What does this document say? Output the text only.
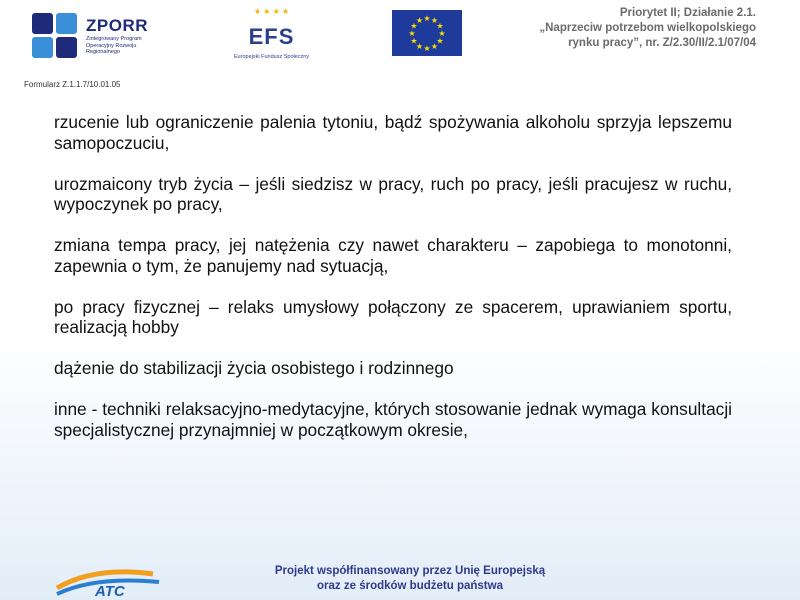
ZPORR
Zintegrowany Program Operacyjny Rozwoju Regionalnego
★ ★ ★ ★
EFS
Europejski Fundusz Społeczny
★
★
★
★
★
★
★
★
★ ★ ★
★
Priorytet II; Działanie 2.1.
„Naprzeciw potrzebom wielkopolskiego
rynku pracy”, nr. Z/2.30/II/2.1/07/04
Formularz Z.1.1.7/10.01.05

rzucenie lub ograniczenie palenia tytoniu, bądź spożywania alkoholu sprzyja lepszemu samopoczuciu,

urozmaicony tryb życia – jeśli siedzisz w pracy, ruch po pracy, jeśli pracujesz w ruchu, wypoczynek po pracy,

zmiana tempa pracy, jej natężenia czy nawet charakteru – zapobiega to monotonni, zapewnia o tym, że panujemy nad sytuacją,

po pracy fizycznej – relaks umysłowy połączony ze spacerem, uprawianiem sportu, realizacją hobby

dążenie do stabilizacji życia osobistego i rodzinnego

inne - techniki relaksacyjno-medytacyjne, których stosowanie jednak wymaga konsultacji specjalistycznej przynajmniej w początkowym okresie,

ATC
Projekt współfinansowany przez Unię Europejską
oraz ze środków budżetu państwa
